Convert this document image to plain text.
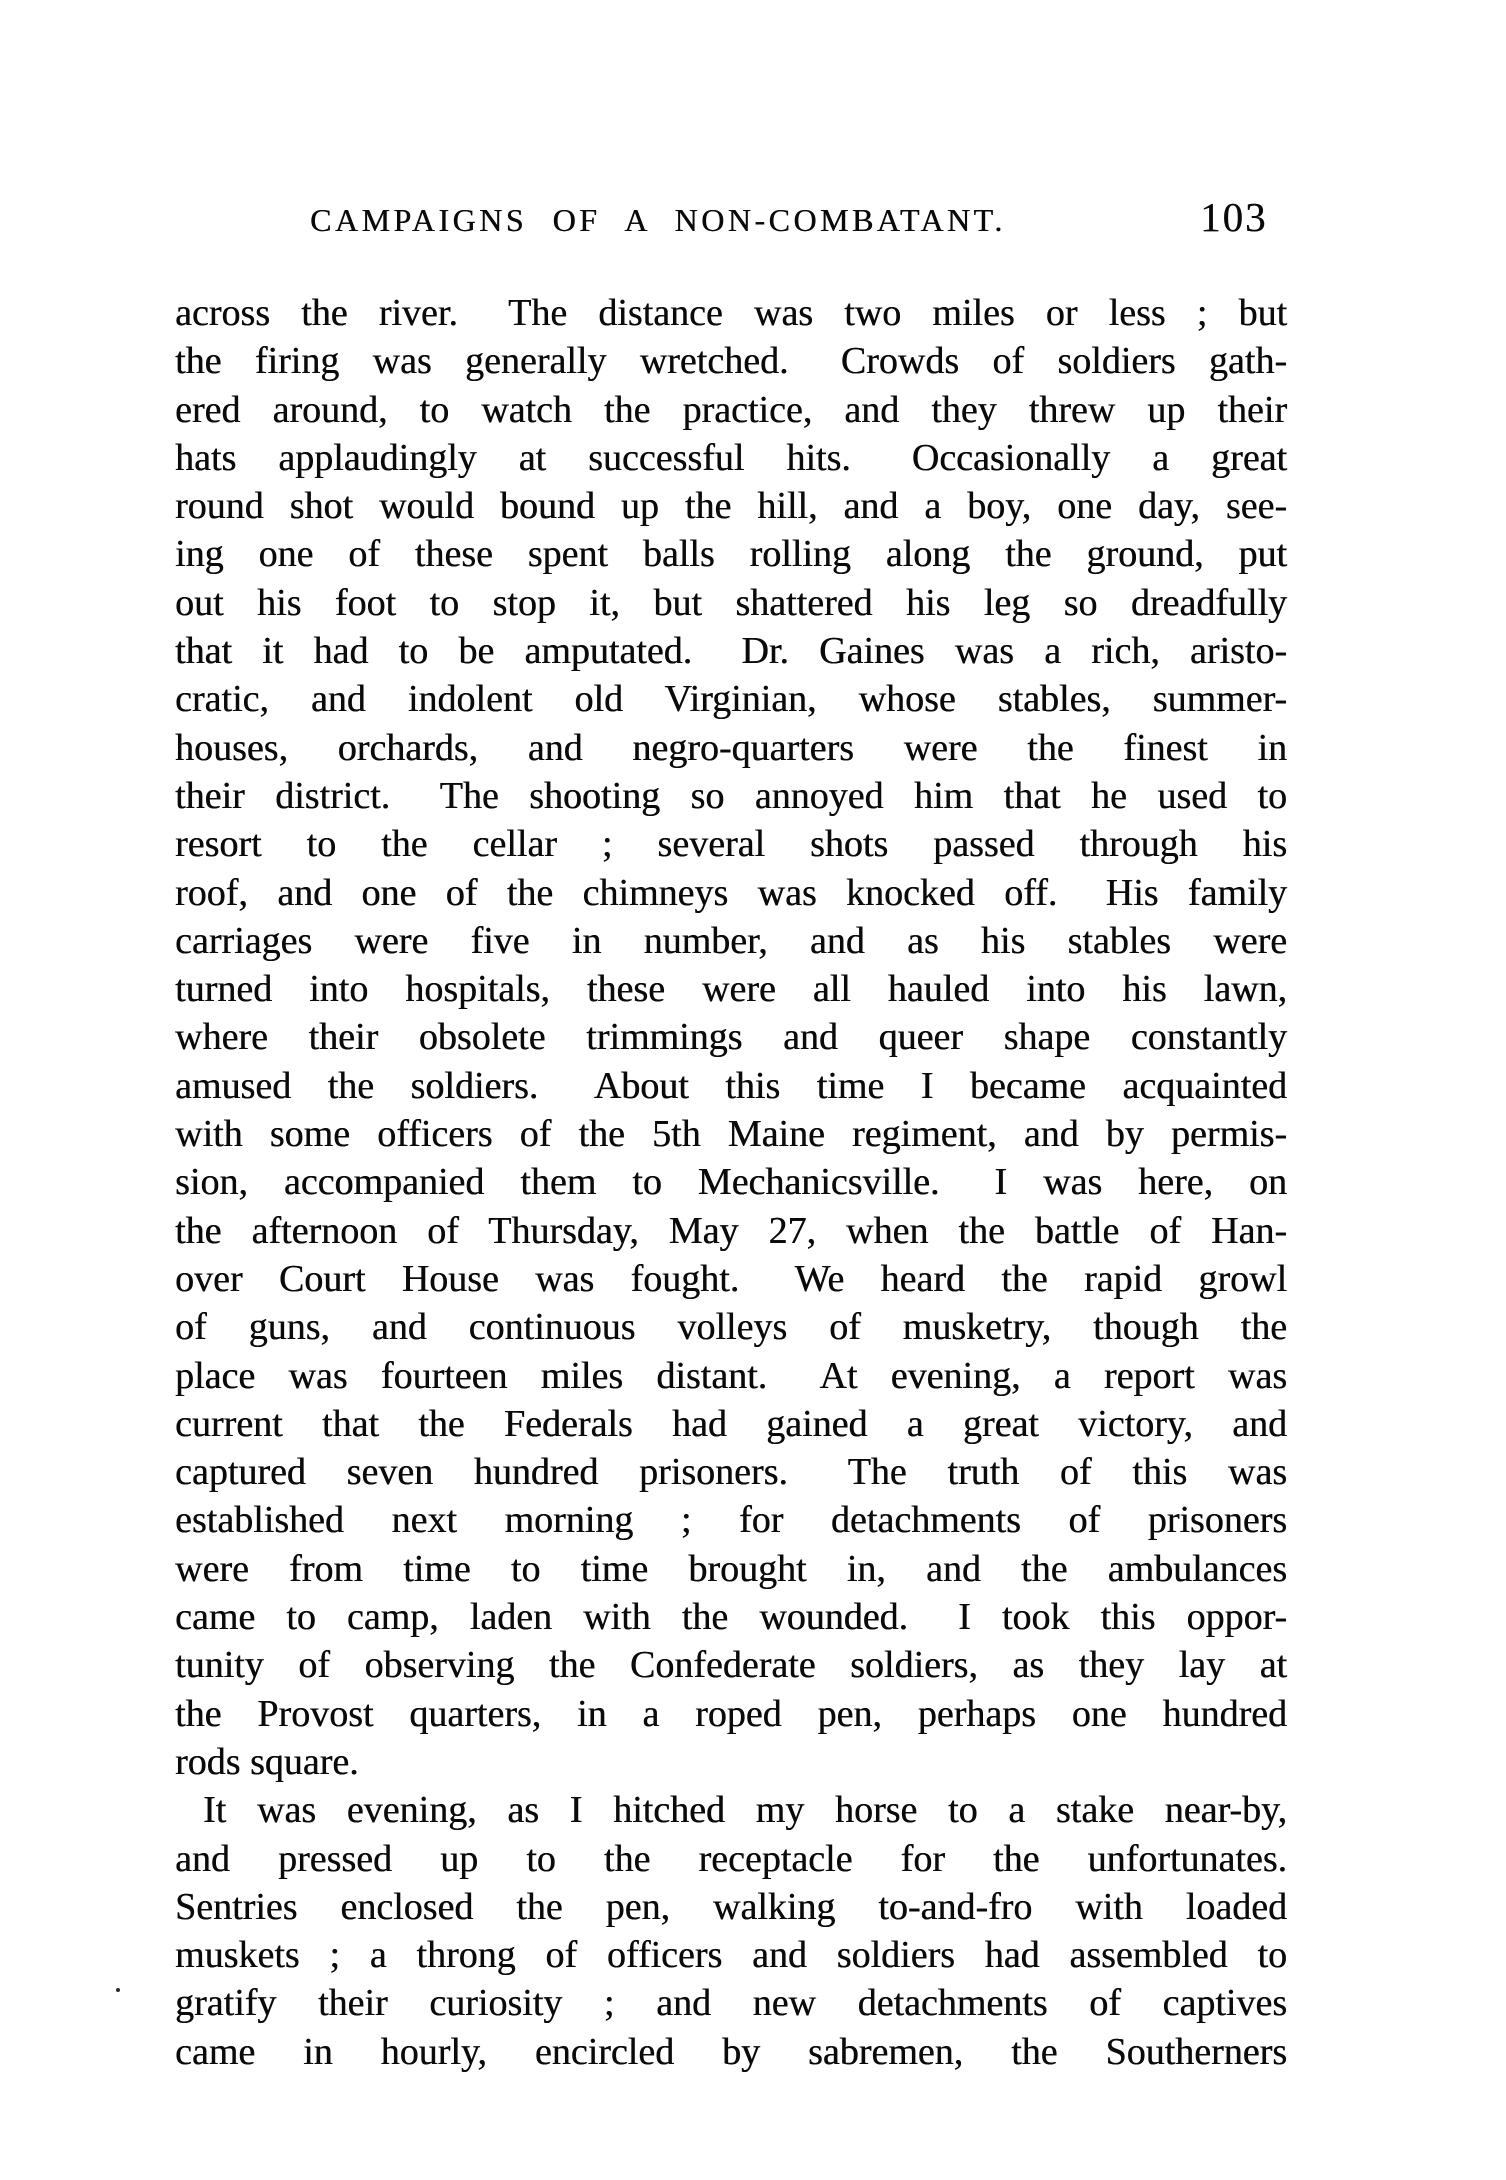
CAMPAIGNS OF A NON-COMBATANT.	103
across the river.  The distance was two miles or less ; but
the firing was generally wretched.  Crowds of soldiers gath-
ered around, to watch the practice, and they threw up their
hats applaudingly at successful hits.  Occasionally a great
round shot would bound up the hill, and a boy, one day, see-
ing one of these spent balls rolling along the ground, put
out his foot to stop it, but shattered his leg so dreadfully
that it had to be amputated.  Dr. Gaines was a rich, aristo-
cratic, and indolent old Virginian, whose stables, summer-
houses, orchards, and negro-quarters were the finest in
their district.  The shooting so annoyed him that he used to
resort to the cellar ; several shots passed through his
roof, and one of the chimneys was knocked off.  His family
carriages were five in number, and as his stables were
turned into hospitals, these were all hauled into his lawn,
where their obsolete trimmings and queer shape constantly
amused the soldiers.  About this time I became acquainted
with some officers of the 5th Maine regiment, and by permis-
sion, accompanied them to Mechanicsville.  I was here, on
the afternoon of Thursday, May 27, when the battle of Han-
over Court House was fought.  We heard the rapid growl
of guns, and continuous volleys of musketry, though the
place was fourteen miles distant.  At evening, a report was
current that the Federals had gained a great victory, and
captured seven hundred prisoners.  The truth of this was
established next morning ; for detachments of prisoners
were from time to time brought in, and the ambulances
came to camp, laden with the wounded.  I took this oppor-
tunity of observing the Confederate soldiers, as they lay at
the Provost quarters, in a roped pen, perhaps one hundred
rods square.
It was evening, as I hitched my horse to a stake near-by,
and pressed up to the receptacle for the unfortunates.
Sentries enclosed the pen, walking to-and-fro with loaded
muskets ; a throng of officers and soldiers had assembled to
gratify their curiosity ; and new detachments of captives
came in hourly, encircled by sabremen, the Southerners
